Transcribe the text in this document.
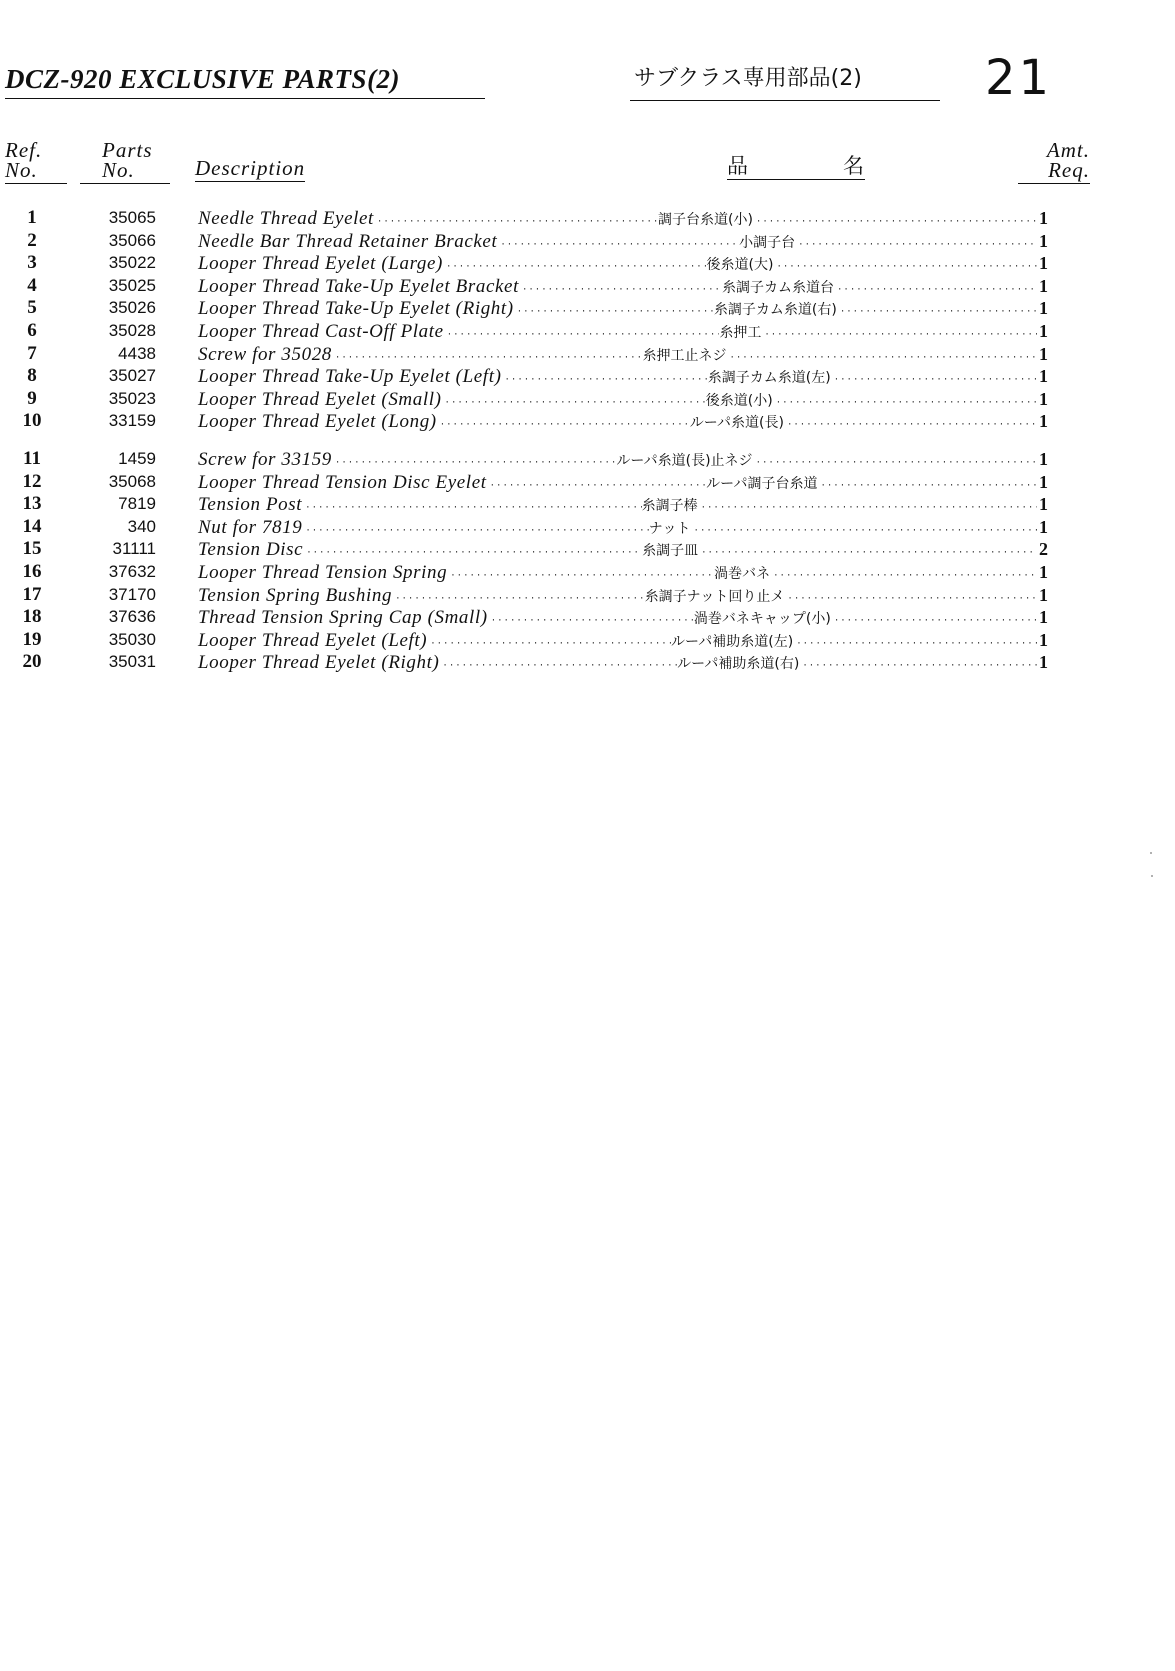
DCZ-920 EXCLUSIVE PARTS(2)	サブクラス専用部品(2)	21
Ref.
No.
Parts
No.	Description	品	名

Amt.
Req.
1	35065 Needle Thread Eyelet ·····	調子台糸道(小) ·····	1
2	35066 Needle Bar Thread Retainer Bracket ·····	小調子台 ·····	1
3	35022 Looper Thread Eyelet (Large) ·····	後糸道(大) ·····	1
4	35025 Looper Thread Take-Up Eyelet Bracket ·····	糸調子カム糸道台 ·····	1
5	35026 Looper Thread Take-Up Eyelet (Right) ·····	糸調子カム糸道(右) ·····	1
6	35028 Looper Thread Cast-Off Plate ·····	糸押工 ·····	1
7	4438 Screw for 35028 ·····	糸押工止ネジ ·····	1
8	35027 Looper Thread Take-Up Eyelet (Left) ·····	糸調子カム糸道(左) ·····	1
9	35023 Looper Thread Eyelet (Small) ·····	後糸道(小) ·····	1
10	33159 Looper Thread Eyelet (Long) ·····	ルーパ糸道(長) ·····	1
11	1459 Screw for 33159 ·····	ルーパ糸道(長)止ネジ ·····	1
12	35068 Looper Thread Tension Disc Eyelet ·····	ルーパ調子台糸道 ·····	1
13	7819 Tension Post ·····	糸調子棒 ·····	1
14	340 Nut for 7819 ·····	ナット ·····	1
15	31111 Tension Disc ·····	糸調子皿 ·····	2
16	37632 Looper Thread Tension Spring ·····	渦巻バネ ·····	1
17	37170 Tension Spring Bushing ·····	糸調子ナット回り止メ ·····	1
18	37636 Thread Tension Spring Cap (Small) ·····	渦巻バネキャップ(小) ·····	1
19	35030 Looper Thread Eyelet (Left) ·····	ルーパ補助糸道(左) ·····	1
20	35031 Looper Thread Eyelet (Right) ·····	ルーパ補助糸道(右) ·····	1
